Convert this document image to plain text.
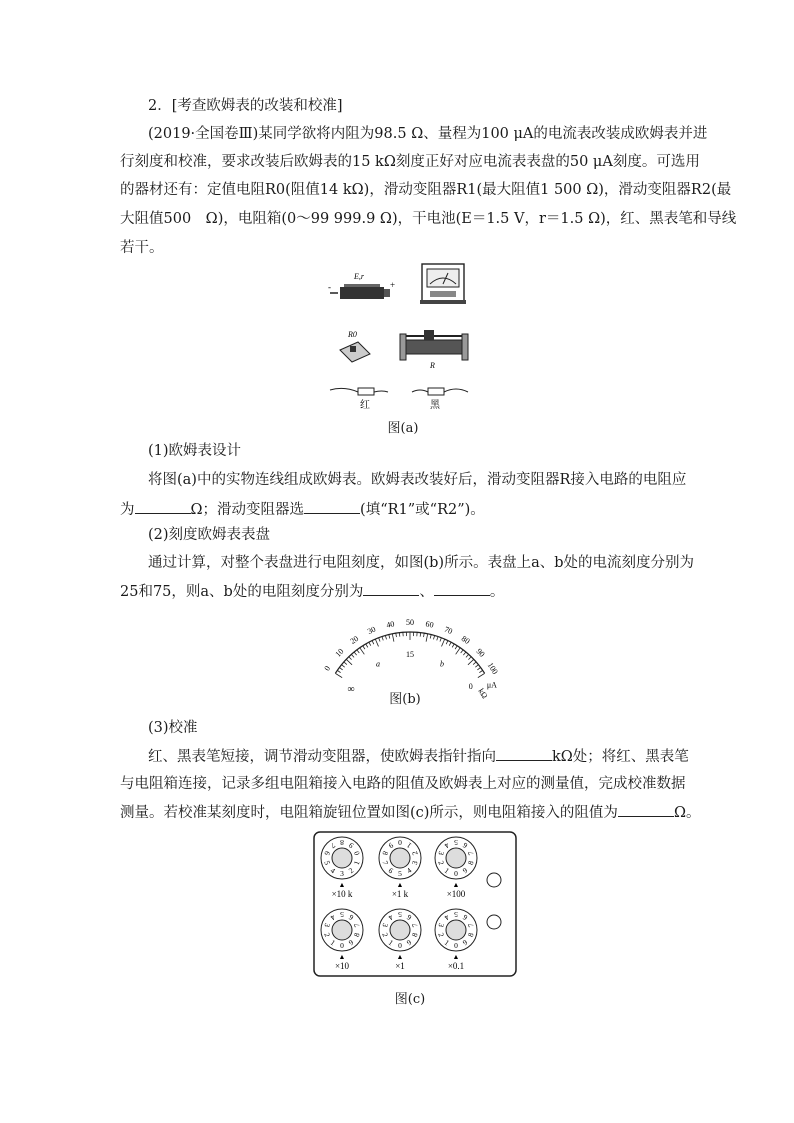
2．[考查欧姆表的改装和校准]
(2019·全国卷Ⅲ)某同学欲将内阻为98.5 Ω、量程为100 μA的电流表改装成欧姆表并进
行刻度和校准，要求改装后欧姆表的15 kΩ刻度正好对应电流表表盘的50 μA刻度。可选用
的器材还有：定值电阻R0(阻值14 kΩ)，滑动变阻器R1(最大阻值1 500 Ω)，滑动变阻器R2(最
大阻值500　Ω)，电阻箱(0～99 999.9 Ω)，干电池(E＝1.5 V，r＝1.5 Ω)，红、黑表笔和导线
若干。
E,r
-	+
R0
R
红	黑
图(a)
(1)欧姆表设计
将图(a)中的实物连线组成欧姆表。欧姆表改装好后，滑动变阻器R接入电路的电阻应
为	Ω；滑动变阻器选	(填“R1”或“R2”)。
(2)刻度欧姆表表盘
通过计算，对整个表盘进行电阻刻度，如图(b)所示。表盘上a、b处的电流刻度分别为
25和75，则a、b处的电阻刻度分别为	、	。
0
10
20
30
40 50 60
70
80
90
100
μA
∞
15
a	b
0
kΩ
图(b)
(3)校准
红、黑表笔短接，调节滑动变阻器，使欧姆表指针指向	kΩ处；将红、黑表笔
与电阻箱连接，记录多组电阻箱接入电路的阻值及欧姆表上对应的测量值，完成校准数据
测量。若校准某刻度时，电阻箱旋钮位置如图(c)所示，则电阻箱接入的阻值为	Ω。
0
1
2
3
4
5
6
7 8 9
▲
×10 k
0 1
2
3
4
5
6
7
8
9
▲
×1 k
0
1
2
3
4 5 6
7
8
9
▲
×100
0
1
2
3
4 5 6
7
8
9
▲
×10
0
1
2
3
4 5 6
7
8
9
▲
×1
0
1
2
3
4 5 6
7
8
9
▲
×0.1
图(c)
